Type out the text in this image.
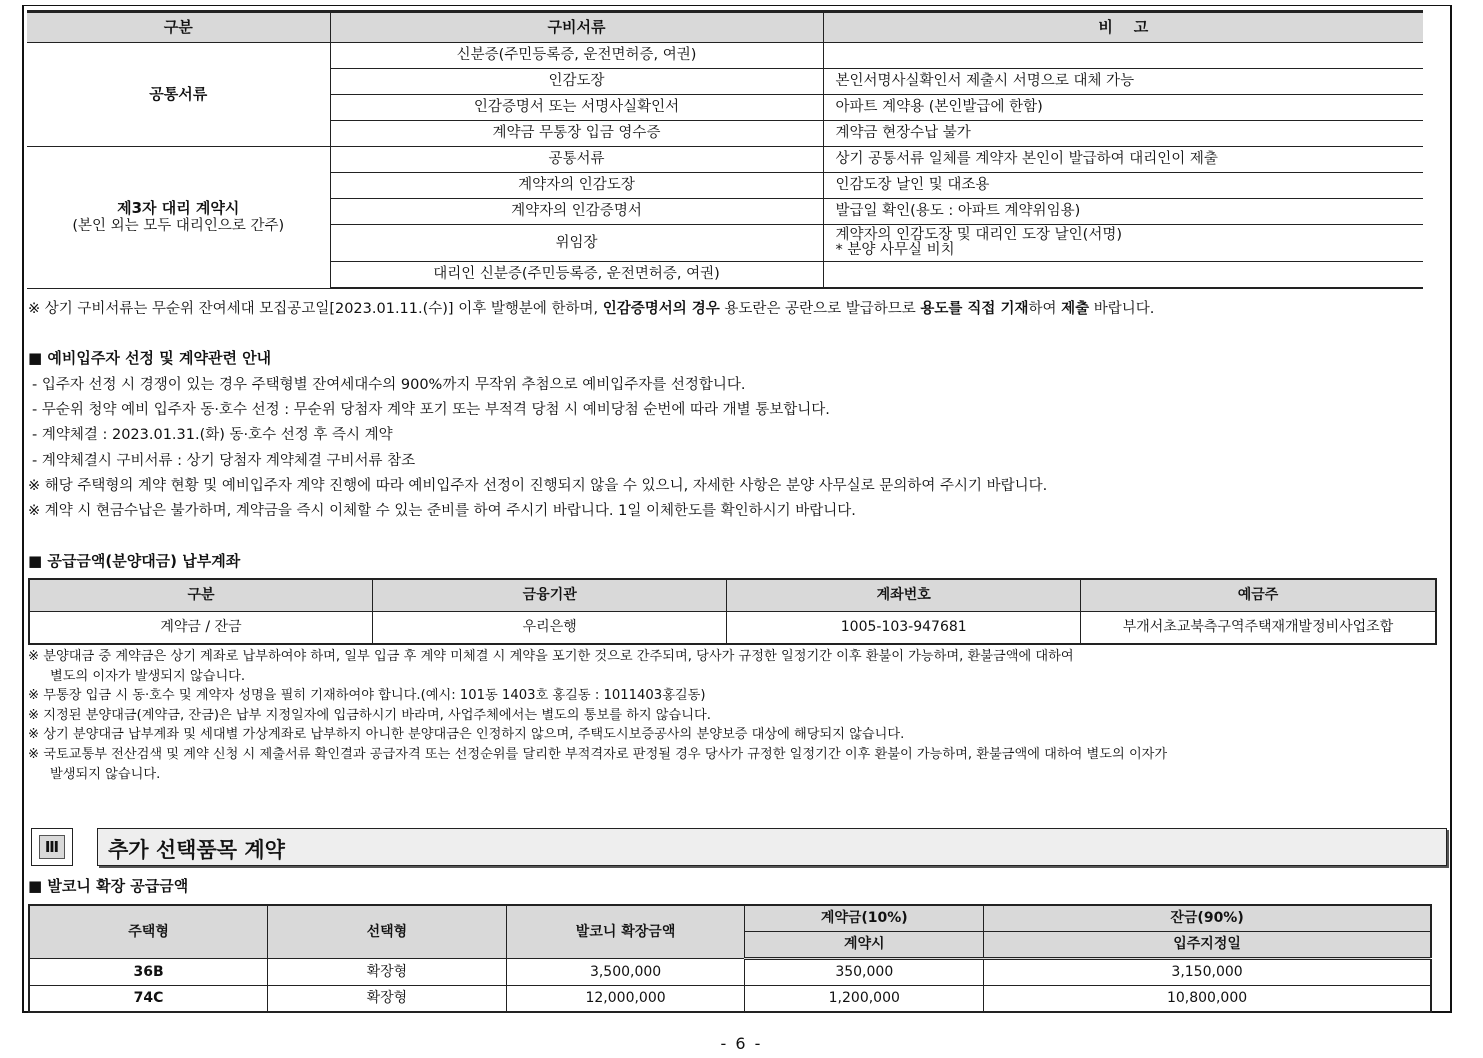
구분	구비서류	비    고
공통서류	신분증(주민등록증, 운전면허증, 여권)	
	인감도장	본인서명사실확인서 제출시 서명으로 대체 가능
	인감증명서 또는 서명사실확인서	아파트 계약용 (본인발급에 한함)
	계약금 무통장 입금 영수증	계약금 현장수납 불가

제3자 대리 계약시
(본인 외는 모두 대리인으로 간주)	공통서류	상기 공통서류 일체를 계약자 본인이 발급하여 대리인이 제출
	계약자의 인감도장	인감도장 날인 및 대조용
	계약자의 인감증명서	발급일 확인(용도 : 아파트 계약위임용)
	위임장	계약자의 인감도장 및 대리인 도장 날인(서명)
* 분양 사무실 비치

	대리인 신분증(주민등록증, 운전면허증, 여권)	
※ 상기 구비서류는 무순위 잔여세대 모집공고일[2023.01.11.(수)] 이후 발행분에 한하며, 인감증명서의 경우 용도란은 공란으로 발급하므로 용도를 직접 기재하여 제출 바랍니다.
■ 예비입주자 선정 및 계약관련 안내
- 입주자 선정 시 경쟁이 있는 경우 주택형별 잔여세대수의 900%까지 무작위 추첨으로 예비입주자를 선정합니다.
- 무순위 청약 예비 입주자 동·호수 선정 : 무순위 당첨자 계약 포기 또는 부적격 당첨 시 예비당첨 순번에 따라 개별 통보합니다.
- 계약체결 : 2023.01.31.(화) 동·호수 선정 후 즉시 계약
- 계약체결시 구비서류 : 상기 당첨자 계약체결 구비서류 참조
※ 해당 주택형의 계약 현황 및 예비입주자 계약 진행에 따라 예비입주자 선정이 진행되지 않을 수 있으니, 자세한 사항은 분양 사무실로 문의하여 주시기 바랍니다.
※ 계약 시 현금수납은 불가하며, 계약금을 즉시 이체할 수 있는 준비를 하여 주시기 바랍니다. 1일 이체한도를 확인하시기 바랍니다.
■ 공급금액(분양대금) 납부계좌
구분	금융기관	계좌번호	예금주
계약금 / 잔금	우리은행	1005-103-947681	부개서초교북측구역주택재개발정비사업조합
※ 분양대금 중 계약금은 상기 계좌로 납부하여야 하며, 일부 입금 후 계약 미체결 시 계약을 포기한 것으로 간주되며, 당사가 규정한 일정기간 이후 환불이 가능하며, 환불금액에 대하여
별도의 이자가 발생되지 않습니다.
※ 무통장 입금 시 동·호수 및 계약자 성명을 필히 기재하여야 합니다.(예시: 101동 1403호 홍길동 : 1011403홍길동)
※ 지정된 분양대금(계약금, 잔금)은 납부 지정일자에 입금하시기 바라며, 사업주체에서는 별도의 통보를 하지 않습니다.
※ 상기 분양대금 납부계좌 및 세대별 가상계좌로 납부하지 아니한 분양대금은 인정하지 않으며, 주택도시보증공사의 분양보증 대상에 해당되지 않습니다.
※ 국토교통부 전산검색 및 계약 신청 시 제출서류 확인결과 공급자격 또는 선정순위를 달리한 부적격자로 판정될 경우 당사가 규정한 일정기간 이후 환불이 가능하며, 환불금액에 대하여 별도의 이자가
발생되지 않습니다.
Ⅲ 추가 선택품목 계약
■ 발코니 확장 공급금액
주택형	선택형	발코니 확장금액	계약금(10%)	잔금(90%)
			계약시	입주지정일
36B	확장형	3,500,000	350,000	3,150,000
74C	확장형	12,000,000	1,200,000	10,800,000
- 6 -
